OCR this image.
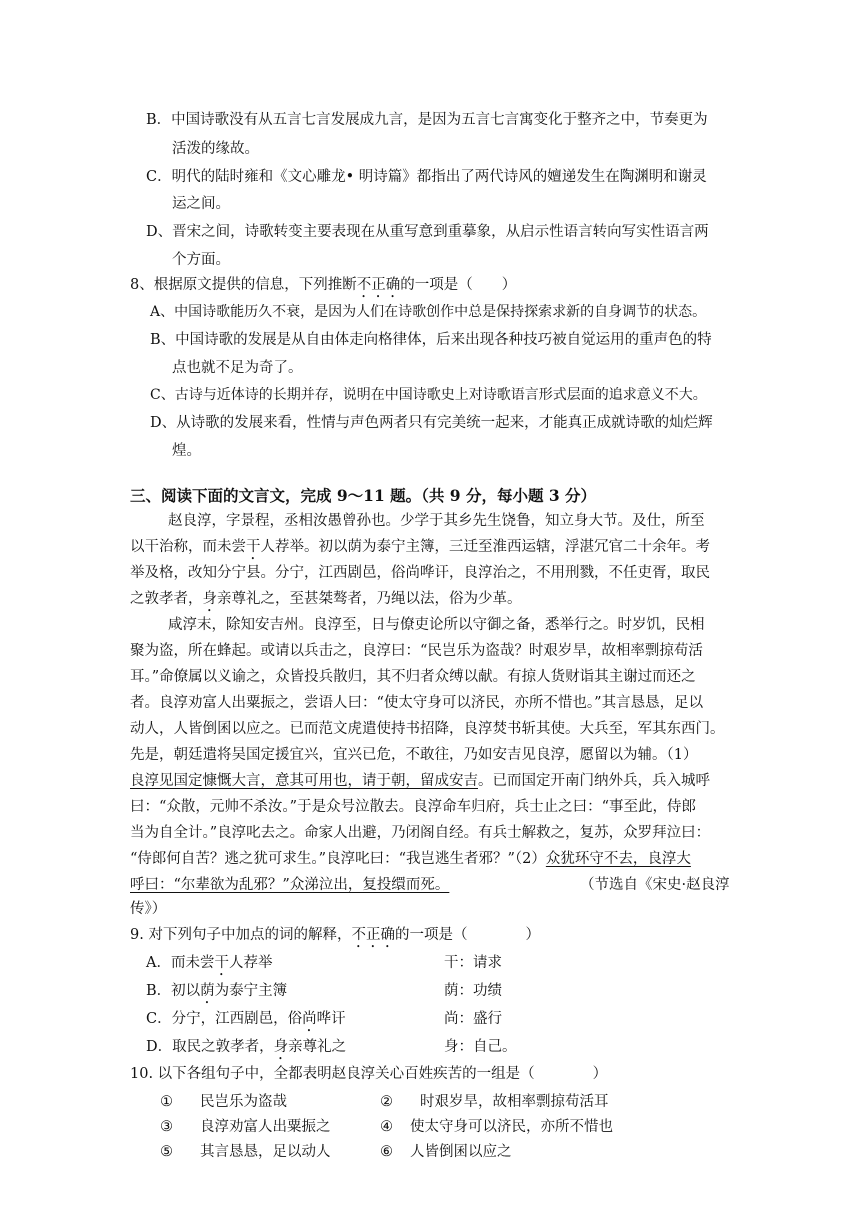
B．中国诗歌没有从五言七言发展成九言，是因为五言七言寓变化于整齐之中，节奏更为
活泼的缘故。
C．明代的陆时雍和《文心雕龙• 明诗篇》都指出了两代诗风的嬗递发生在陶渊明和谢灵
运之间。
D、晋宋之间，诗歌转变主要表现在从重写意到重摹象，从启示性语言转向写实性语言两
个方面。
8、根据原文提供的信息，下列推断不正确的一项是（　　）
A、中国诗歌能历久不衰，是因为人们在诗歌创作中总是保持探索求新的自身调节的状态。
B、中国诗歌的发展是从自由体走向格律体，后来出现各种技巧被自觉运用的重声色的特
点也就不足为奇了。
C、古诗与近体诗的长期并存，说明在中国诗歌史上对诗歌语言形式层面的追求意义不大。
D、从诗歌的发展来看，性情与声色两者只有完美统一起来，才能真正成就诗歌的灿烂辉
煌。
三、阅读下面的文言文，完成 9～11 题。（共 9 分，每小题 3 分）
赵良淳，字景程，丞相汝愚曾孙也。少学于其乡先生饶鲁，知立身大节。及仕，所至
以干治称，而未尝干人荐举。初以荫为泰宁主簿，三迁至淮西运辖，浮湛冗官二十余年。考
举及格，改知分宁县。分宁，江西剧邑，俗尚哗讦，良淳治之，不用刑戮，不任吏胥，取民
之敦孝者，身亲尊礼之，至甚桀骜者，乃绳以法，俗为少革。
咸淳末，除知安吉州。良淳至，日与僚吏论所以守御之备，悉举行之。时岁饥，民相
聚为盗，所在蜂起。或请以兵击之，良淳曰：“民岂乐为盗哉？时艰岁旱，故相率剽掠苟活
耳。”命僚属以义谕之，众皆投兵散归，其不归者众缚以献。有掠人货财诣其主谢过而还之
者。良淳劝富人出粟振之，尝语人曰：“使太守身可以济民，亦所不惜也。”其言恳恳，足以
动人，人皆倒囷以应之。已而范文虎遣使持书招降，良淳焚书斩其使。大兵至，军其东西门。
先是，朝廷遣将吴国定援宜兴，宜兴已危，不敢往，乃如安吉见良淳，愿留以为辅。（1）
良淳见国定慷慨大言，意其可用也，请于朝，留成安吉。已而国定开南门纳外兵，兵入城呼
曰：“众散，元帅不杀汝。”于是众号泣散去。良淳命车归府，兵士止之曰：“事至此，侍郎
当为自全计。”良淳叱去之。命家人出避，乃闭阁自经。有兵士解救之，复苏，众罗拜泣曰：
“侍郎何自苦？逃之犹可求生。”良淳叱曰：“我岂逃生者邪？”（2）众犹环守不去，良淳大
呼曰：“尔辈欲为乱邪？”众涕泣出，复投缳而死。	（节选自《宋史·赵良淳
传》）
9. 对下列句子中加点的词的解释，不正确的一项是（　　　　）
A．而未尝干人荐举	干：请求
B．初以荫为泰宁主簿	荫：功绩
C．分宁，江西剧邑，俗尚哗讦	尚：盛行
D．取民之敦孝者，身亲尊礼之	身：自己。
10. 以下各组句子中，全都表明赵良淳关心百姓疾苦的一组是（　　　　）
① 民岂乐为盗哉	② 时艰岁旱，故相率剽掠苟活耳
③ 良淳劝富人出粟振之	④ 使太守身可以济民，亦所不惜也
⑤ 其言恳恳，足以动人	⑥ 人皆倒囷以应之
